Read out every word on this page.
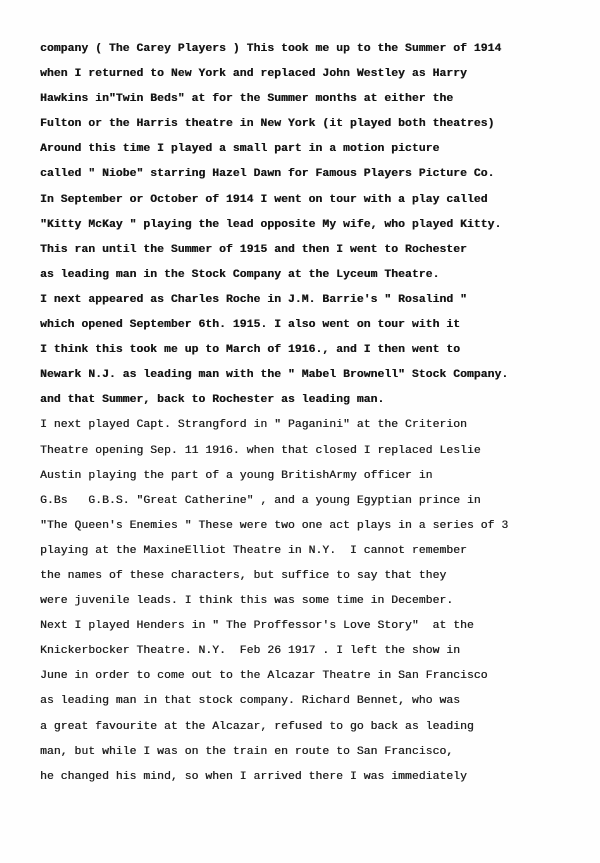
company ( The Carey Players ) This took me up to the Summer of 1914
when I returned to New York and replaced John Westley as Harry
Hawkins in"Twin Beds" at for the Summer months at either the
Fulton or the Harris theatre in New York (it played both theatres)
Around this time I played a small part in a motion picture
called " Niobe" starring Hazel Dawn for Famous Players Picture Co.
In September or October of 1914 I went on tour with a play called
"Kitty McKay " playing the lead opposite My wife, who played Kitty.
This ran until the Summer of 1915 and then I went to Rochester
as leading man in the Stock Company at the Lyceum Theatre.
I next appeared as Charles Roche in J.M. Barrie's " Rosalind "
which opened September 6th. 1915. I also went on tour with it
I think this took me up to March of 1916., and I then went to
Newark N.J. as leading man with the " Mabel Brownell" Stock Company.
and that Summer, back to Rochester as leading man.
I next played Capt. Strangford in " Paganini" at the Criterion
Theatre opening Sep. 11 1916. when that closed I replaced Leslie
Austin playing the part of a young BritishArmy officer in
G.Bs   G.B.S. "Great Catherine" , and a young Egyptian prince in
"The Queen's Enemies " These were two one act plays in a series of 3
playing at the MaxineElliot Theatre in N.Y.  I cannot remember
the names of these characters, but suffice to say that they
were juvenile leads. I think this was some time in December.
Next I played Henders in " The Proffessor's Love Story"  at the
Knickerbocker Theatre. N.Y.  Feb 26 1917 . I left the show in
June in order to come out to the Alcazar Theatre in San Francisco
as leading man in that stock company. Richard Bennet, who was
a great favourite at the Alcazar, refused to go back as leading
man, but while I was on the train en route to San Francisco,
he changed his mind, so when I arrived there I was immediately
